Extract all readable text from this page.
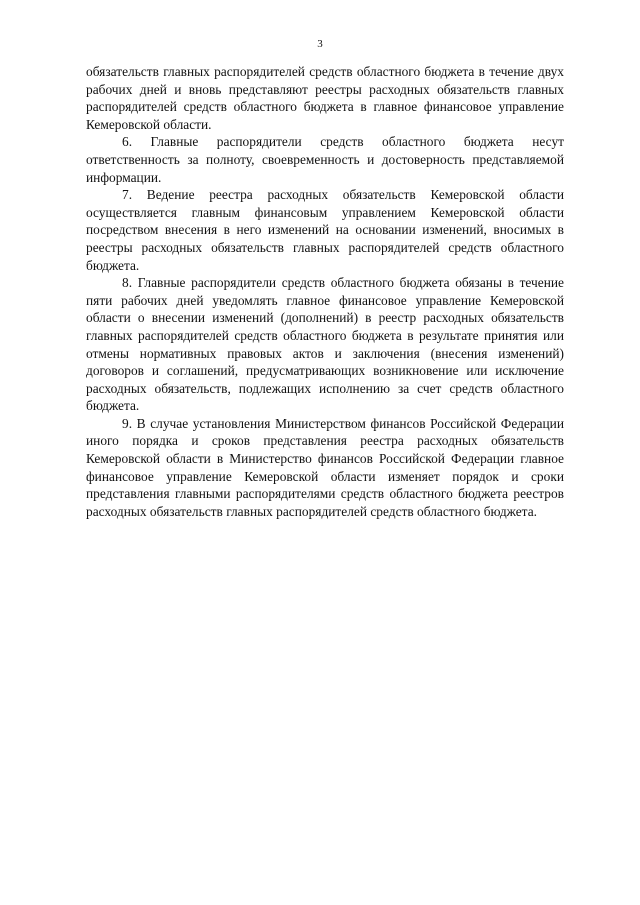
3

обязательств главных распорядителей средств областного бюджета в течение двух рабочих дней и вновь представляют реестры расходных обязательств главных распорядителей средств областного бюджета в главное финансовое управление Кемеровской области.

6. Главные распорядители средств областного бюджета несут ответственность за полноту, своевременность и достоверность представляемой информации.

7. Ведение реестра расходных обязательств Кемеровской области осуществляется главным финансовым управлением Кемеровской области посредством внесения в него изменений на основании изменений, вносимых в реестры расходных обязательств главных распорядителей средств областного бюджета.

8. Главные распорядители средств областного бюджета обязаны в течение пяти рабочих дней уведомлять главное финансовое управление Кемеровской области о внесении изменений (дополнений) в реестр расходных обязательств главных распорядителей средств областного бюджета в результате принятия или отмены нормативных правовых актов и заключения (внесения изменений) договоров и соглашений, предусматривающих возникновение или исключение расходных обязательств, подлежащих исполнению за счет средств областного бюджета.

9. В случае установления Министерством финансов Российской Федерации иного порядка и сроков представления реестра расходных обязательств Кемеровской области в Министерство финансов Российской Федерации главное финансовое управление Кемеровской области изменяет порядок и сроки представления главными распорядителями средств областного бюджета реестров расходных обязательств главных распорядителей средств областного бюджета.
